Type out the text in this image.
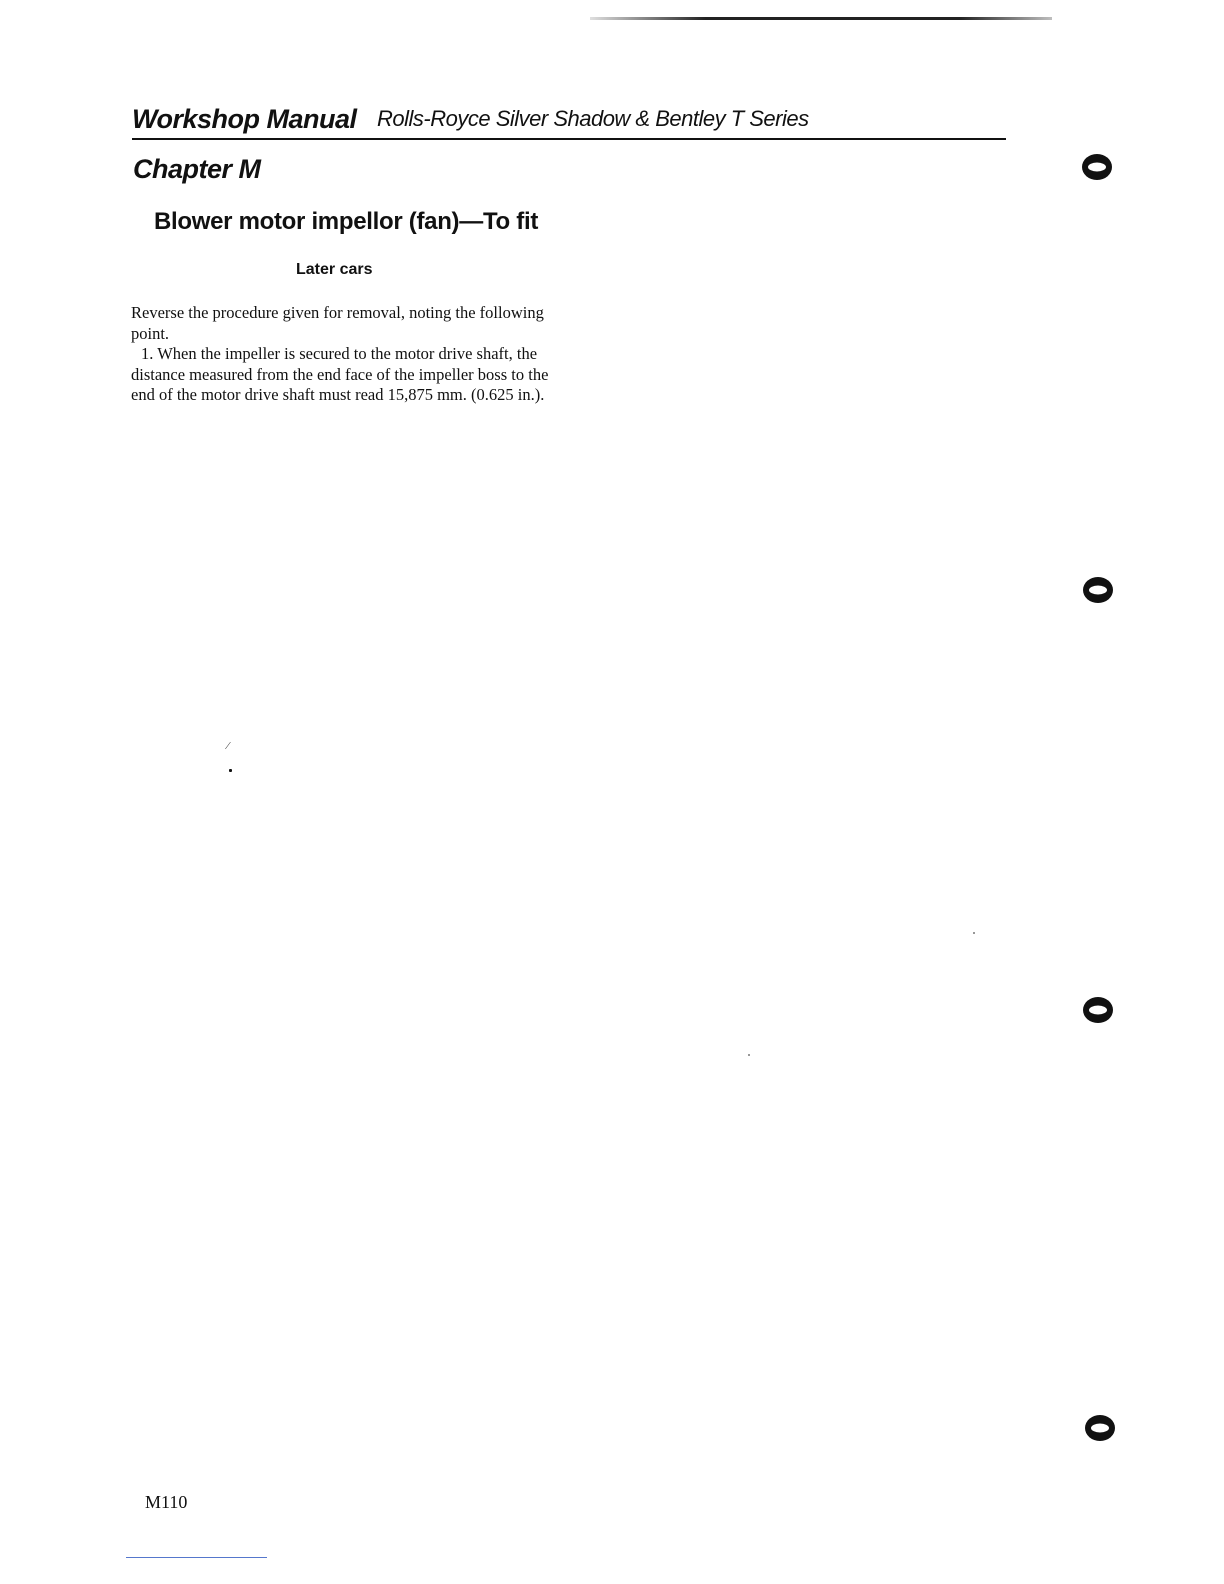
Workshop Manual Rolls-Royce Silver Shadow & Bentley T Series
Chapter M
Blower motor impellor (fan)—To fit
Later cars

Reverse the procedure given for removal, noting the following point.

1. When the impeller is secured to the motor drive shaft, the distance measured from the end face of the impeller boss to the end of the motor drive shaft must read 15,875 mm. (0.625 in.).

⁄
M110
